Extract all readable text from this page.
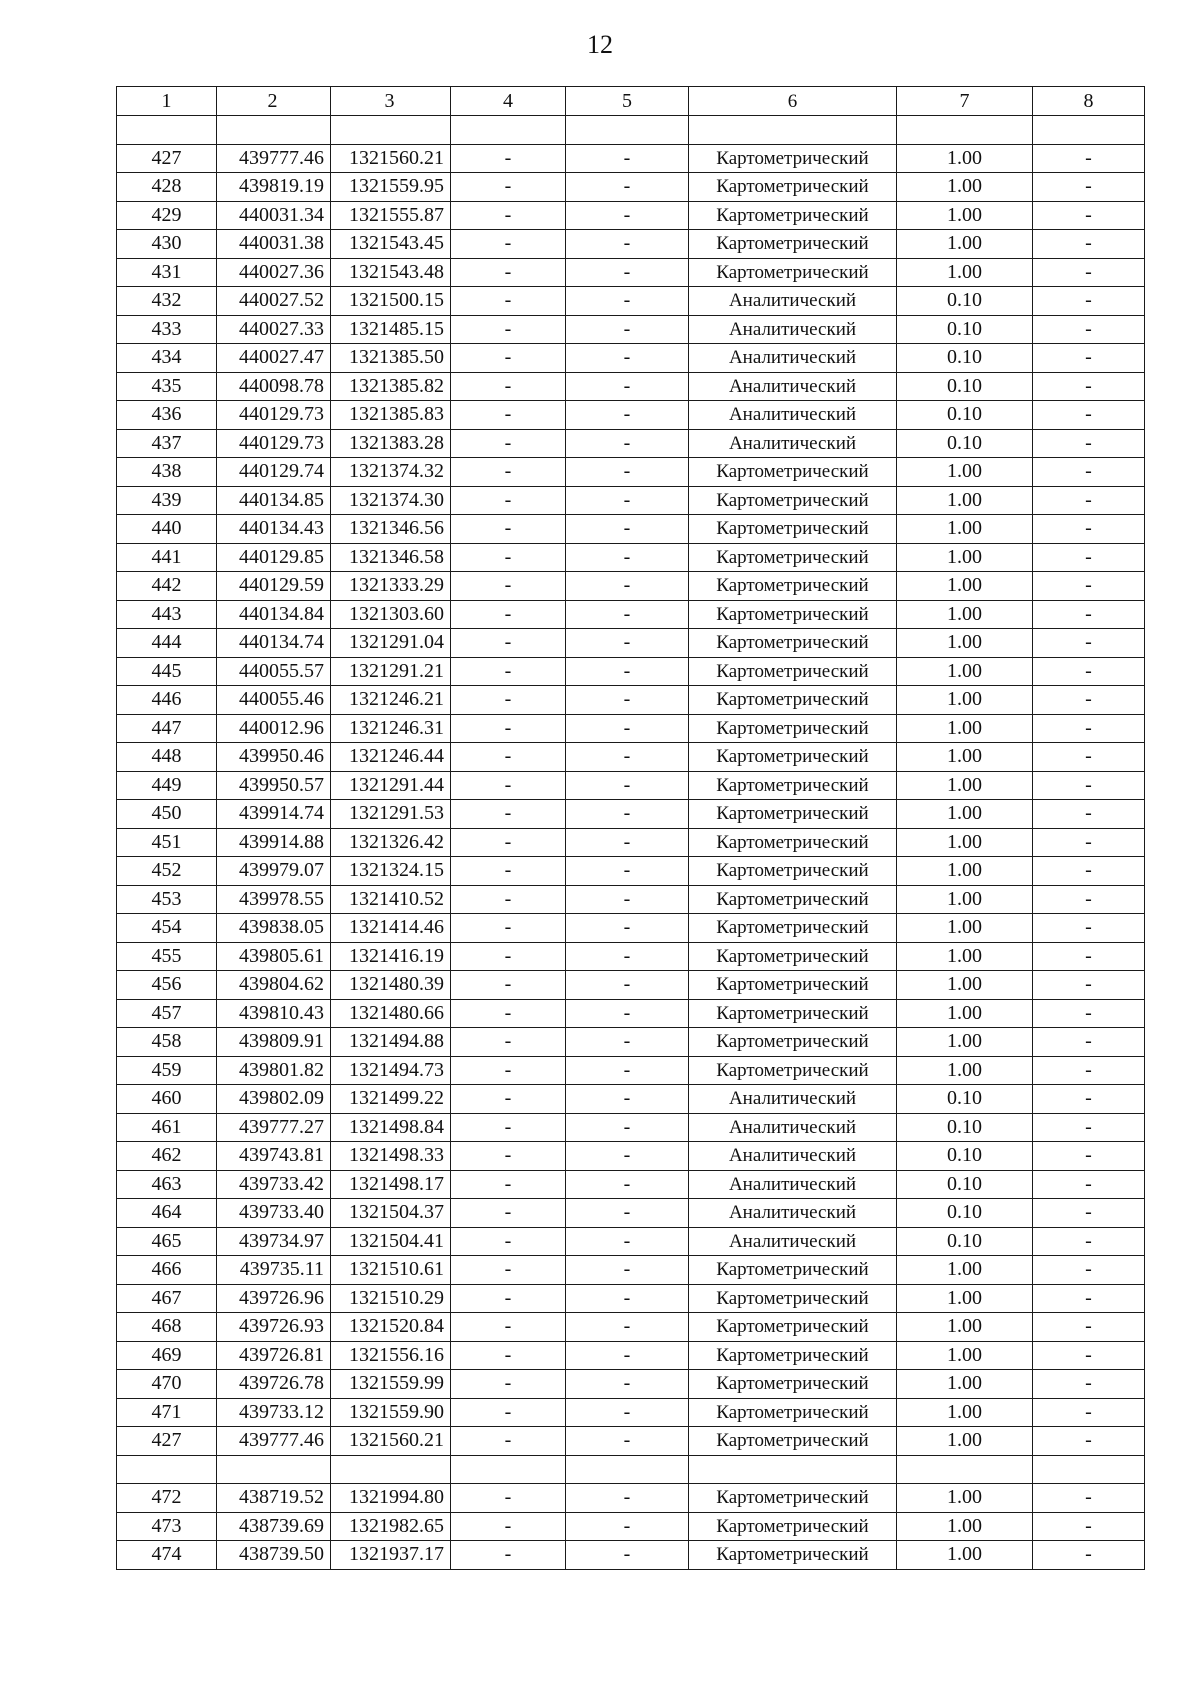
12
1	2	3	4	5	6	7	8

427	439777.46	1321560.21	-	-	Картометрический	1.00	-
428	439819.19	1321559.95	-	-	Картометрический	1.00	-
429	440031.34	1321555.87	-	-	Картометрический	1.00	-
430	440031.38	1321543.45	-	-	Картометрический	1.00	-
431	440027.36	1321543.48	-	-	Картометрический	1.00	-
432	440027.52	1321500.15	-	-	Аналитический	0.10	-
433	440027.33	1321485.15	-	-	Аналитический	0.10	-
434	440027.47	1321385.50	-	-	Аналитический	0.10	-
435	440098.78	1321385.82	-	-	Аналитический	0.10	-
436	440129.73	1321385.83	-	-	Аналитический	0.10	-
437	440129.73	1321383.28	-	-	Аналитический	0.10	-
438	440129.74	1321374.32	-	-	Картометрический	1.00	-
439	440134.85	1321374.30	-	-	Картометрический	1.00	-
440	440134.43	1321346.56	-	-	Картометрический	1.00	-
441	440129.85	1321346.58	-	-	Картометрический	1.00	-
442	440129.59	1321333.29	-	-	Картометрический	1.00	-
443	440134.84	1321303.60	-	-	Картометрический	1.00	-
444	440134.74	1321291.04	-	-	Картометрический	1.00	-
445	440055.57	1321291.21	-	-	Картометрический	1.00	-
446	440055.46	1321246.21	-	-	Картометрический	1.00	-
447	440012.96	1321246.31	-	-	Картометрический	1.00	-
448	439950.46	1321246.44	-	-	Картометрический	1.00	-
449	439950.57	1321291.44	-	-	Картометрический	1.00	-
450	439914.74	1321291.53	-	-	Картометрический	1.00	-
451	439914.88	1321326.42	-	-	Картометрический	1.00	-
452	439979.07	1321324.15	-	-	Картометрический	1.00	-
453	439978.55	1321410.52	-	-	Картометрический	1.00	-
454	439838.05	1321414.46	-	-	Картометрический	1.00	-
455	439805.61	1321416.19	-	-	Картометрический	1.00	-
456	439804.62	1321480.39	-	-	Картометрический	1.00	-
457	439810.43	1321480.66	-	-	Картометрический	1.00	-
458	439809.91	1321494.88	-	-	Картометрический	1.00	-
459	439801.82	1321494.73	-	-	Картометрический	1.00	-
460	439802.09	1321499.22	-	-	Аналитический	0.10	-
461	439777.27	1321498.84	-	-	Аналитический	0.10	-
462	439743.81	1321498.33	-	-	Аналитический	0.10	-
463	439733.42	1321498.17	-	-	Аналитический	0.10	-
464	439733.40	1321504.37	-	-	Аналитический	0.10	-
465	439734.97	1321504.41	-	-	Аналитический	0.10	-
466	439735.11	1321510.61	-	-	Картометрический	1.00	-
467	439726.96	1321510.29	-	-	Картометрический	1.00	-
468	439726.93	1321520.84	-	-	Картометрический	1.00	-
469	439726.81	1321556.16	-	-	Картометрический	1.00	-
470	439726.78	1321559.99	-	-	Картометрический	1.00	-
471	439733.12	1321559.90	-	-	Картометрический	1.00	-
427	439777.46	1321560.21	-	-	Картометрический	1.00	-

472	438719.52	1321994.80	-	-	Картометрический	1.00	-
473	438739.69	1321982.65	-	-	Картометрический	1.00	-
474	438739.50	1321937.17	-	-	Картометрический	1.00	-
